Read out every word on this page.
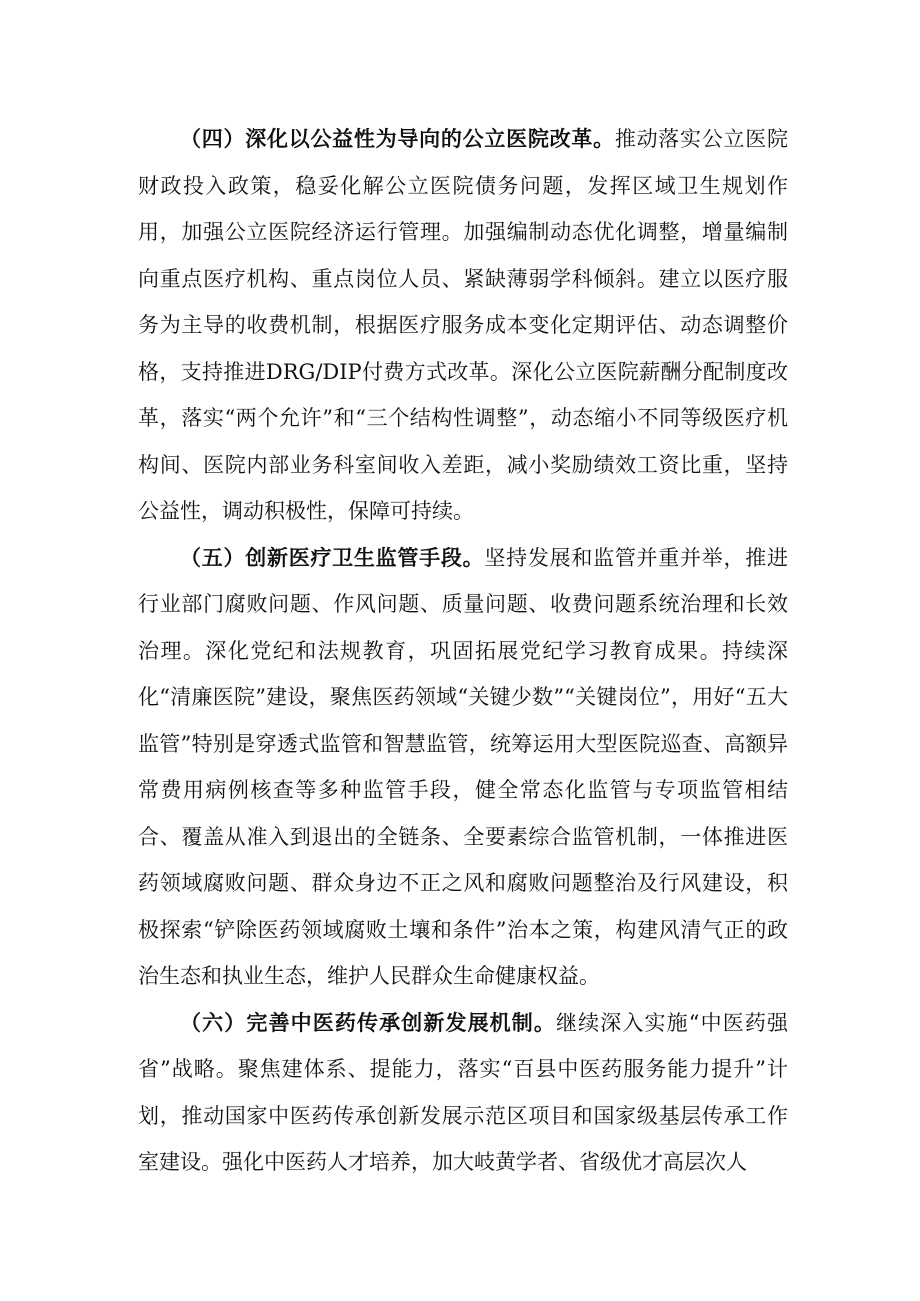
（四）深化以公益性为导向的公立医院改革。推动落实公立医院财政投入政策，稳妥化解公立医院债务问题，发挥区域卫生规划作用，加强公立医院经济运行管理。加强编制动态优化调整，增量编制向重点医疗机构、重点岗位人员、紧缺薄弱学科倾斜。建立以医疗服务为主导的收费机制，根据医疗服务成本变化定期评估、动态调整价格，支持推进DRG/DIP付费方式改革。深化公立医院薪酬分配制度改革，落实“两个允许”和“三个结构性调整”，动态缩小不同等级医疗机构间、医院内部业务科室间收入差距，减小奖励绩效工资比重，坚持公益性，调动积极性，保障可持续。

（五）创新医疗卫生监管手段。坚持发展和监管并重并举，推进行业部门腐败问题、作风问题、质量问题、收费问题系统治理和长效治理。深化党纪和法规教育，巩固拓展党纪学习教育成果。持续深化“清廉医院”建设，聚焦医药领域“关键少数”“关键岗位”，用好“五大监管”特别是穿透式监管和智慧监管，统筹运用大型医院巡查、高额异常费用病例核查等多种监管手段，健全常态化监管与专项监管相结合、覆盖从准入到退出的全链条、全要素综合监管机制，一体推进医药领域腐败问题、群众身边不正之风和腐败问题整治及行风建设，积极探索“铲除医药领域腐败土壤和条件”治本之策，构建风清气正的政治生态和执业生态，维护人民群众生命健康权益。

（六）完善中医药传承创新发展机制。继续深入实施“中医药强省”战略。聚焦建体系、提能力，落实“百县中医药服务能力提升”计划，推动国家中医药传承创新发展示范区项目和国家级基层传承工作室建设。强化中医药人才培养，加大岐黄学者、省级优才高层次人
